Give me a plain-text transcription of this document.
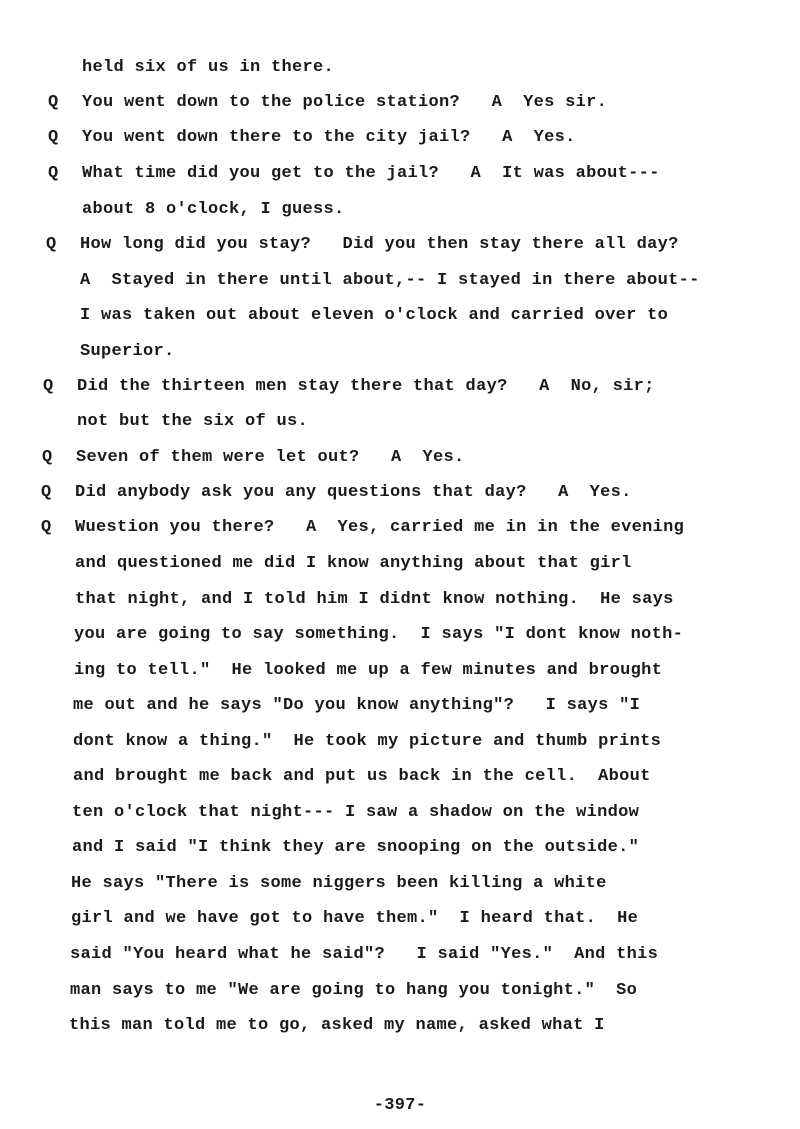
held six of us in there.
Q You went down to the police station?   A  Yes sir.
Q You went down there to the city jail?   A  Yes.
Q What time did you get to the jail?   A  It was about---
about 8 o'clock, I guess.
Q How long did you stay?   Did you then stay there all day?
A  Stayed in there until about,-- I stayed in there about--
I was taken out about eleven o'clock and carried over to
Superior.
Q Did the thirteen men stay there that day?   A  No, sir;
not but the six of us.
Q Seven of them were let out?   A  Yes.
Q Did anybody ask you any questions that day?   A  Yes.
Q Wuestion you there?   A  Yes, carried me in in the evening
and questioned me did I know anything about that girl
that night, and I told him I didnt know nothing.  He says
you are going to say something.  I says "I dont know noth-
ing to tell."  He looked me up a few minutes and brought
me out and he says "Do you know anything"?   I says "I
dont know a thing."  He took my picture and thumb prints
and brought me back and put us back in the cell.  About
ten o'clock that night--- I saw a shadow on the window
and I said "I think they are snooping on the outside."
He says "There is some niggers been killing a white
girl and we have got to have them."  I heard that.  He
said "You heard what he said"?   I said "Yes."  And this
man says to me "We are going to hang you tonight."  So
this man told me to go, asked my name, asked what I
-397-
